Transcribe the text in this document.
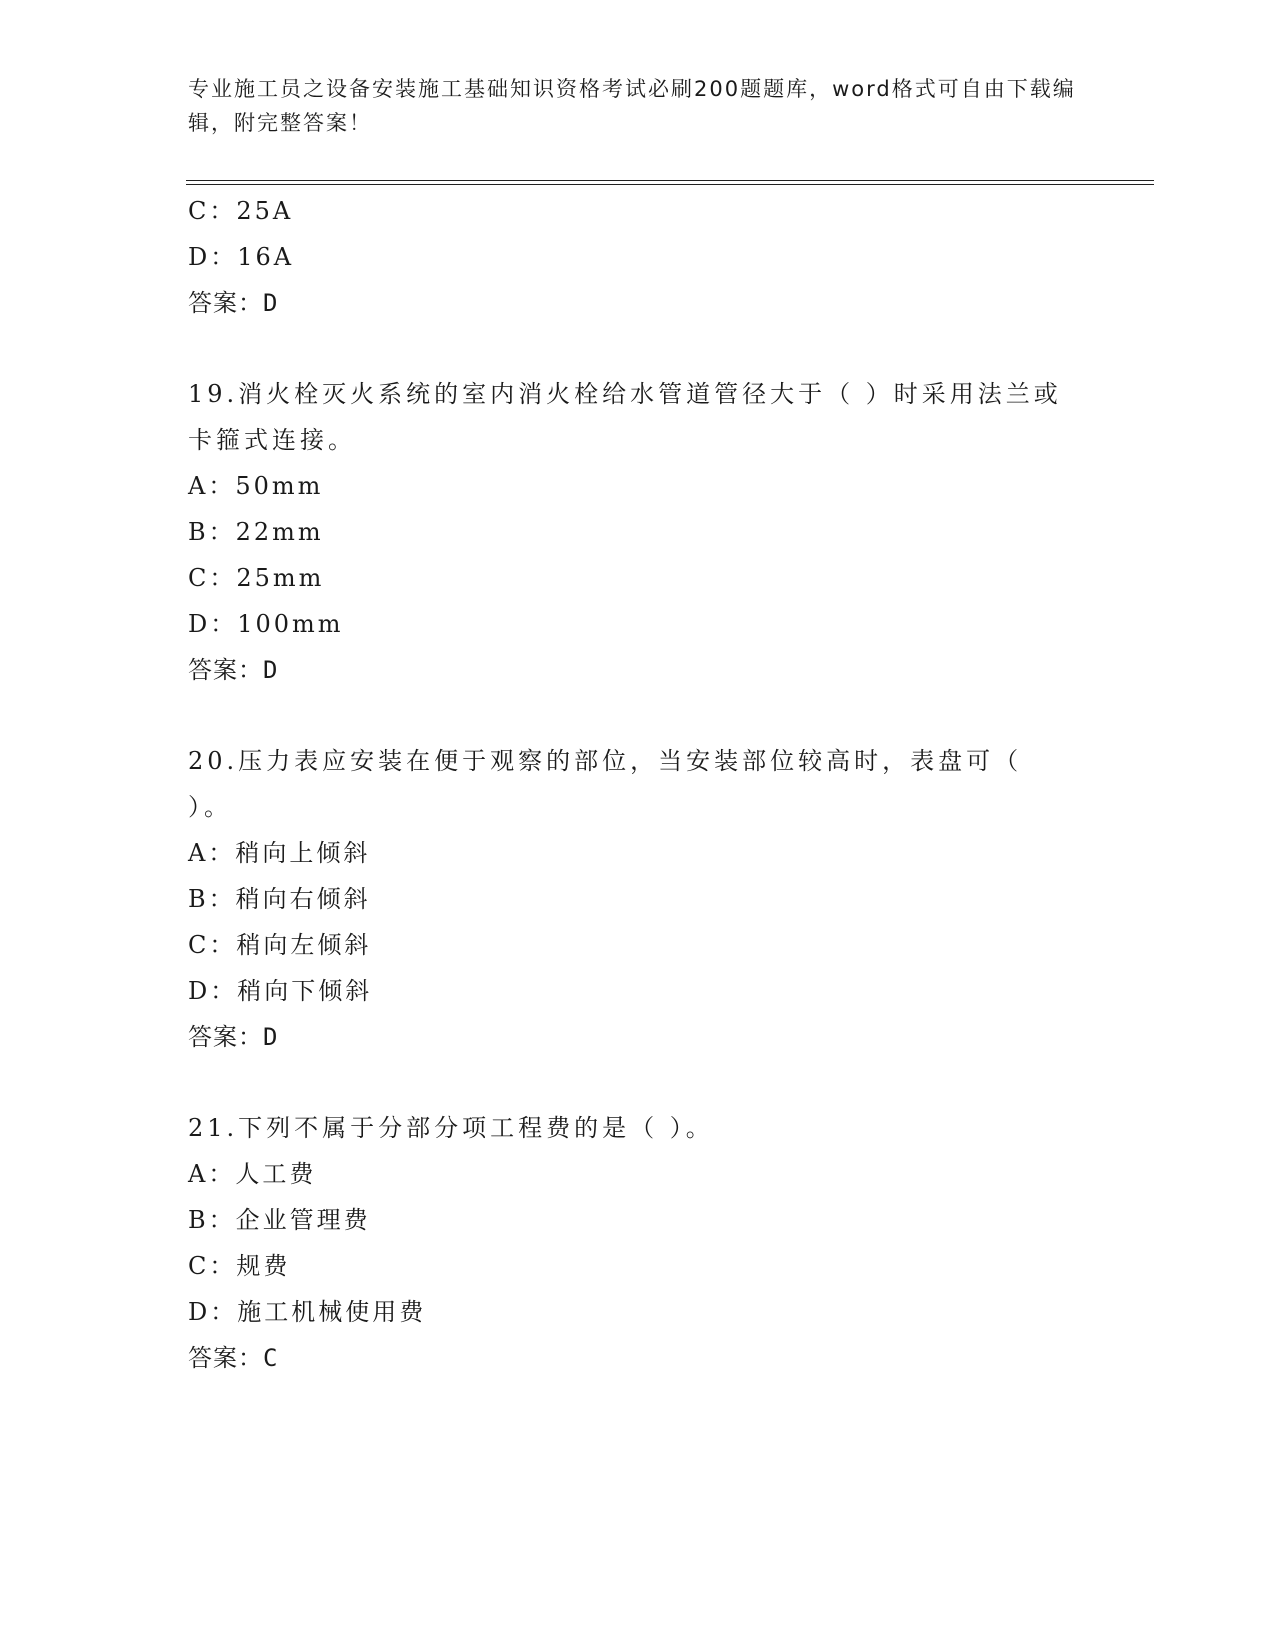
专业施工员之设备安装施工基础知识资格考试必刷200题题库，word格式可自由下载编辑，附完整答案！
C：25A
D：16A
答案：D
19.消火栓灭火系统的室内消火栓给水管道管径大于（ ）时采用法兰或卡箍式连接。
A：50mm
B：22mm
C：25mm
D：100mm
答案：D
20.压力表应安装在便于观察的部位，当安装部位较高时，表盘可（ ）。
A：稍向上倾斜
B：稍向右倾斜
C：稍向左倾斜
D：稍向下倾斜
答案：D
21.下列不属于分部分项工程费的是（ ）。
A：人工费
B：企业管理费
C：规费
D：施工机械使用费
答案：C
